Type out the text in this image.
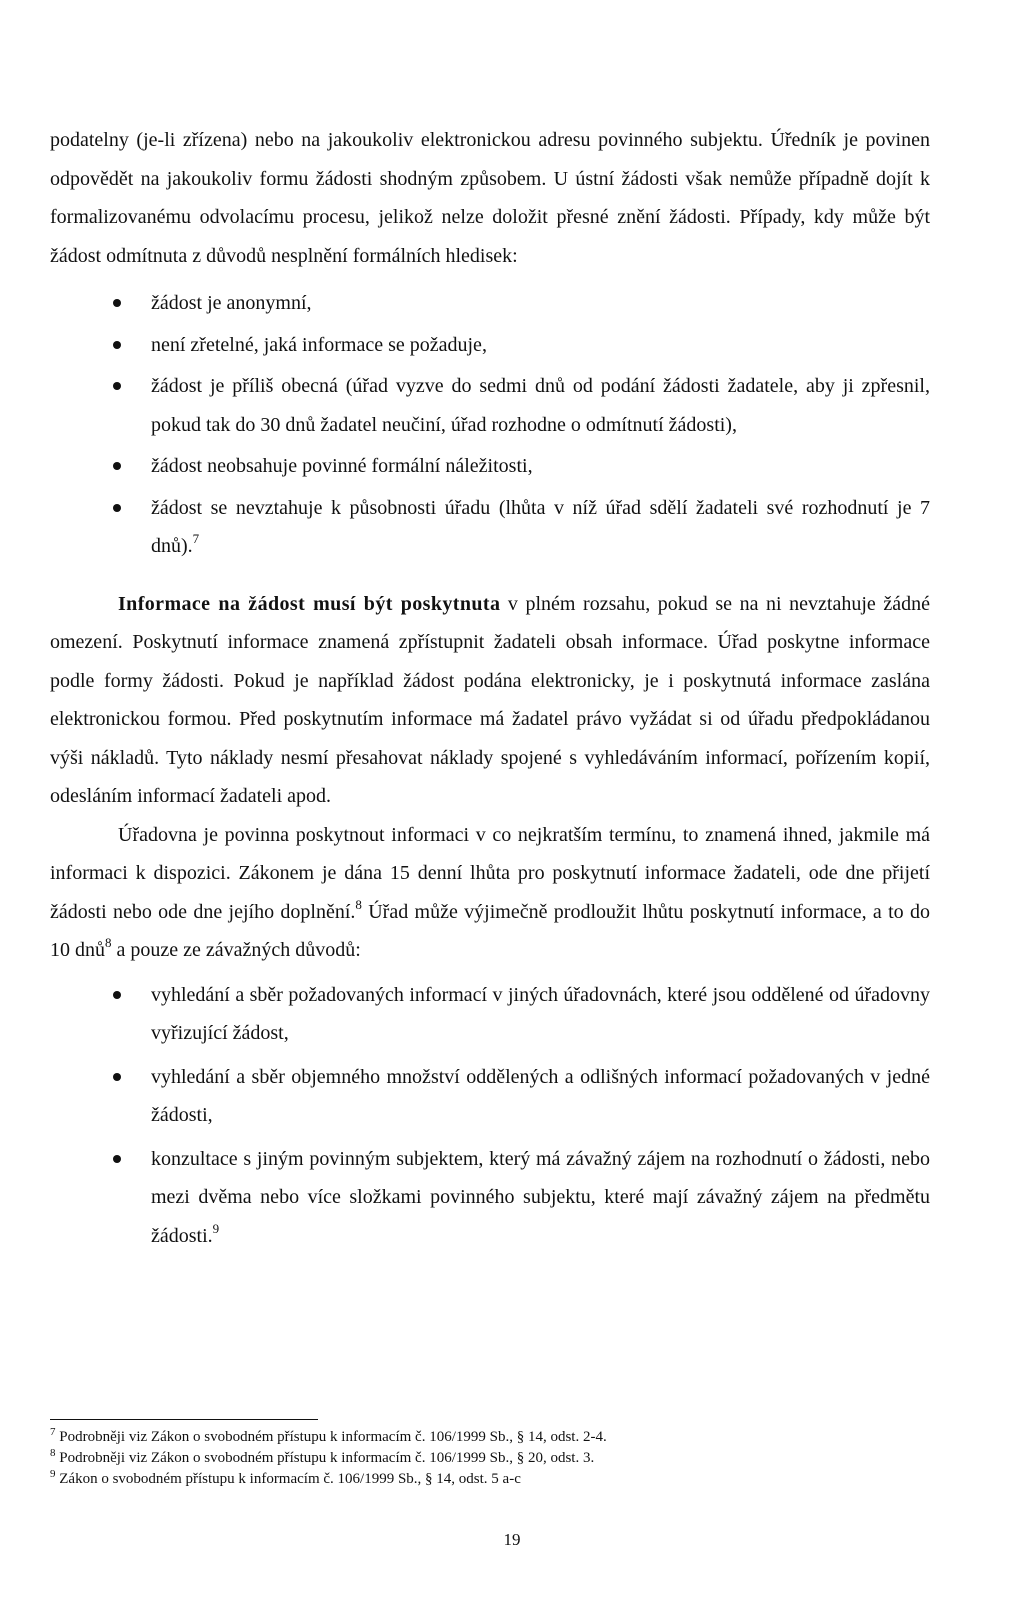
podatelny (je-li zřízena) nebo na jakoukoliv elektronickou adresu povinného subjektu. Úředník je povinen odpovědět na jakoukoliv formu žádosti shodným způsobem. U ústní žádosti však nemůže případně dojít k formalizovanému odvolacímu procesu, jelikož nelze doložit přesné znění žádosti. Případy, kdy může být žádost odmítnuta z důvodů nesplnění formálních hledisek:

žádost je anonymní,
není zřetelné, jaká informace se požaduje,
žádost je příliš obecná (úřad vyzve do sedmi dnů od podání žádosti žadatele, aby ji zpřesnil, pokud tak do 30 dnů žadatel neučiní, úřad rozhodne o odmítnutí žádosti),
žádost neobsahuje povinné formální náležitosti,
žádost se nevztahuje k působnosti úřadu (lhůta v níž úřad sdělí žadateli své rozhodnutí je 7 dnů).$^7$

Informace na žádost musí být poskytnuta v plném rozsahu, pokud se na ni nevztahuje žádné omezení. Poskytnutí informace znamená zpřístupnit žadateli obsah informace. Úřad poskytne informace podle formy žádosti. Pokud je například žádost podána elektronicky, je i poskytnutá informace zaslána elektronickou formou. Před poskytnutím informace má žadatel právo vyžádat si od úřadu předpokládanou výši nákladů. Tyto náklady nesmí přesahovat náklady spojené s vyhledáváním informací, pořízením kopií, odesláním informací žadateli apod.

Úřadovna je povinna poskytnout informaci v co nejkratším termínu, to znamená ihned, jakmile má informaci k dispozici. Zákonem je dána 15 denní lhůta pro poskytnutí informace žadateli, ode dne přijetí žádosti nebo ode dne jejího doplnění.$^8$ Úřad může výjimečně prodloužit lhůtu poskytnutí informace, a to do 10 dnů$^8$ a pouze ze závažných důvodů:

vyhledání a sběr požadovaných informací v jiných úřadovnách, které jsou oddělené od úřadovny vyřizující žádost,
vyhledání a sběr objemného množství oddělených a odlišných informací požadovaných v jedné žádosti,
konzultace s jiným povinným subjektem, který má závažný zájem na rozhodnutí o žádosti, nebo mezi dvěma nebo více složkami povinného subjektu, které mají závažný zájem na předmětu žádosti.$^9$

$^7$ Podrobněji viz Zákon o svobodném přístupu k informacím č. 106/1999 Sb., § 14, odst. 2-4.

$^8$ Podrobněji viz Zákon o svobodném přístupu k informacím č. 106/1999 Sb., § 20, odst. 3.

$^9$ Zákon o svobodném přístupu k informacím č. 106/1999 Sb., § 14, odst. 5 a-c

19
